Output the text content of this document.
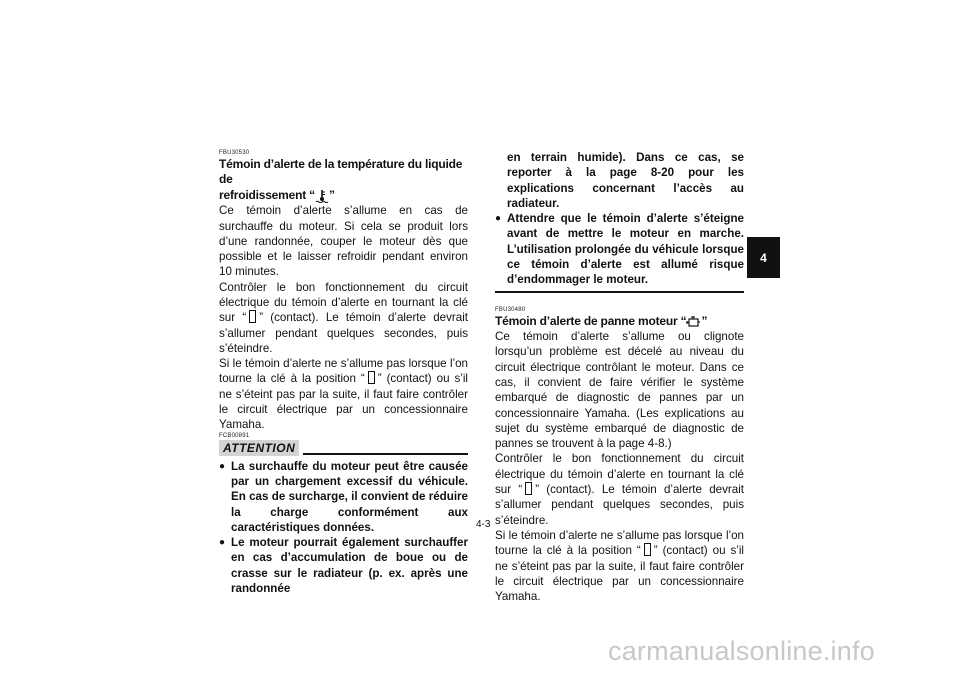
FBU30530
Témoin d’alerte de la température du liquide de
refroidissement “ ”

Ce témoin d’alerte s’allume en cas de surchauffe du moteur. Si cela se produit lors d’une randonnée, couper le moteur dès que possible et le laisser refroidir pendant environ 10 minutes.

Contrôler le bon fonctionnement du circuit électrique du témoin d’alerte en tournant la clé sur “ ” (contact). Le témoin d’alerte devrait s’allumer pendant quelques secondes, puis s’éteindre.

Si le témoin d’alerte ne s’allume pas lorsque l’on tourne la clé à la position “ ” (contact) ou s’il ne s’éteint pas par la suite, il faut faire contrôler le circuit électrique par un concessionnaire Yamaha.

FCB00891
ATTENTION
● La surchauffe du moteur peut être causée par un chargement excessif du véhicule. En cas de surcharge, il convient de réduire la charge conformément aux caractéristiques données.
● Le moteur pourrait également surchauffer en cas d’accumulation de boue ou de crasse sur le radiateur (p. ex. après une randonnée
en terrain humide). Dans ce cas, se reporter à la page 8-20 pour les explications concernant l’accès au radiateur.
● Attendre que le témoin d’alerte s’éteigne avant de mettre le moteur en marche. L’utilisation prolongée du véhicule lorsque ce témoin d’alerte est allumé risque d’endommager le moteur.
FBU30480
Témoin d’alerte de panne moteur “ ”

Ce témoin d’alerte s’allume ou clignote lorsqu’un problème est décelé au niveau du circuit électrique contrôlant le moteur. Dans ce cas, il convient de faire vérifier le système embarqué de diagnostic de pannes par un concessionnaire Yamaha. (Les explications au sujet du système embarqué de diagnostic de pannes se trouvent à la page 4-8.)

Contrôler le bon fonctionnement du circuit électrique du témoin d’alerte en tournant la clé sur “ ” (contact). Le témoin d’alerte devrait s’allumer pendant quelques secondes, puis s’éteindre.

Si le témoin d’alerte ne s’allume pas lorsque l’on tourne la clé à la position “ ” (contact) ou s’il ne s’éteint pas par la suite, il faut faire contrôler le circuit électrique par un concessionnaire Yamaha.

4
4-3
carmanualsonline.info
